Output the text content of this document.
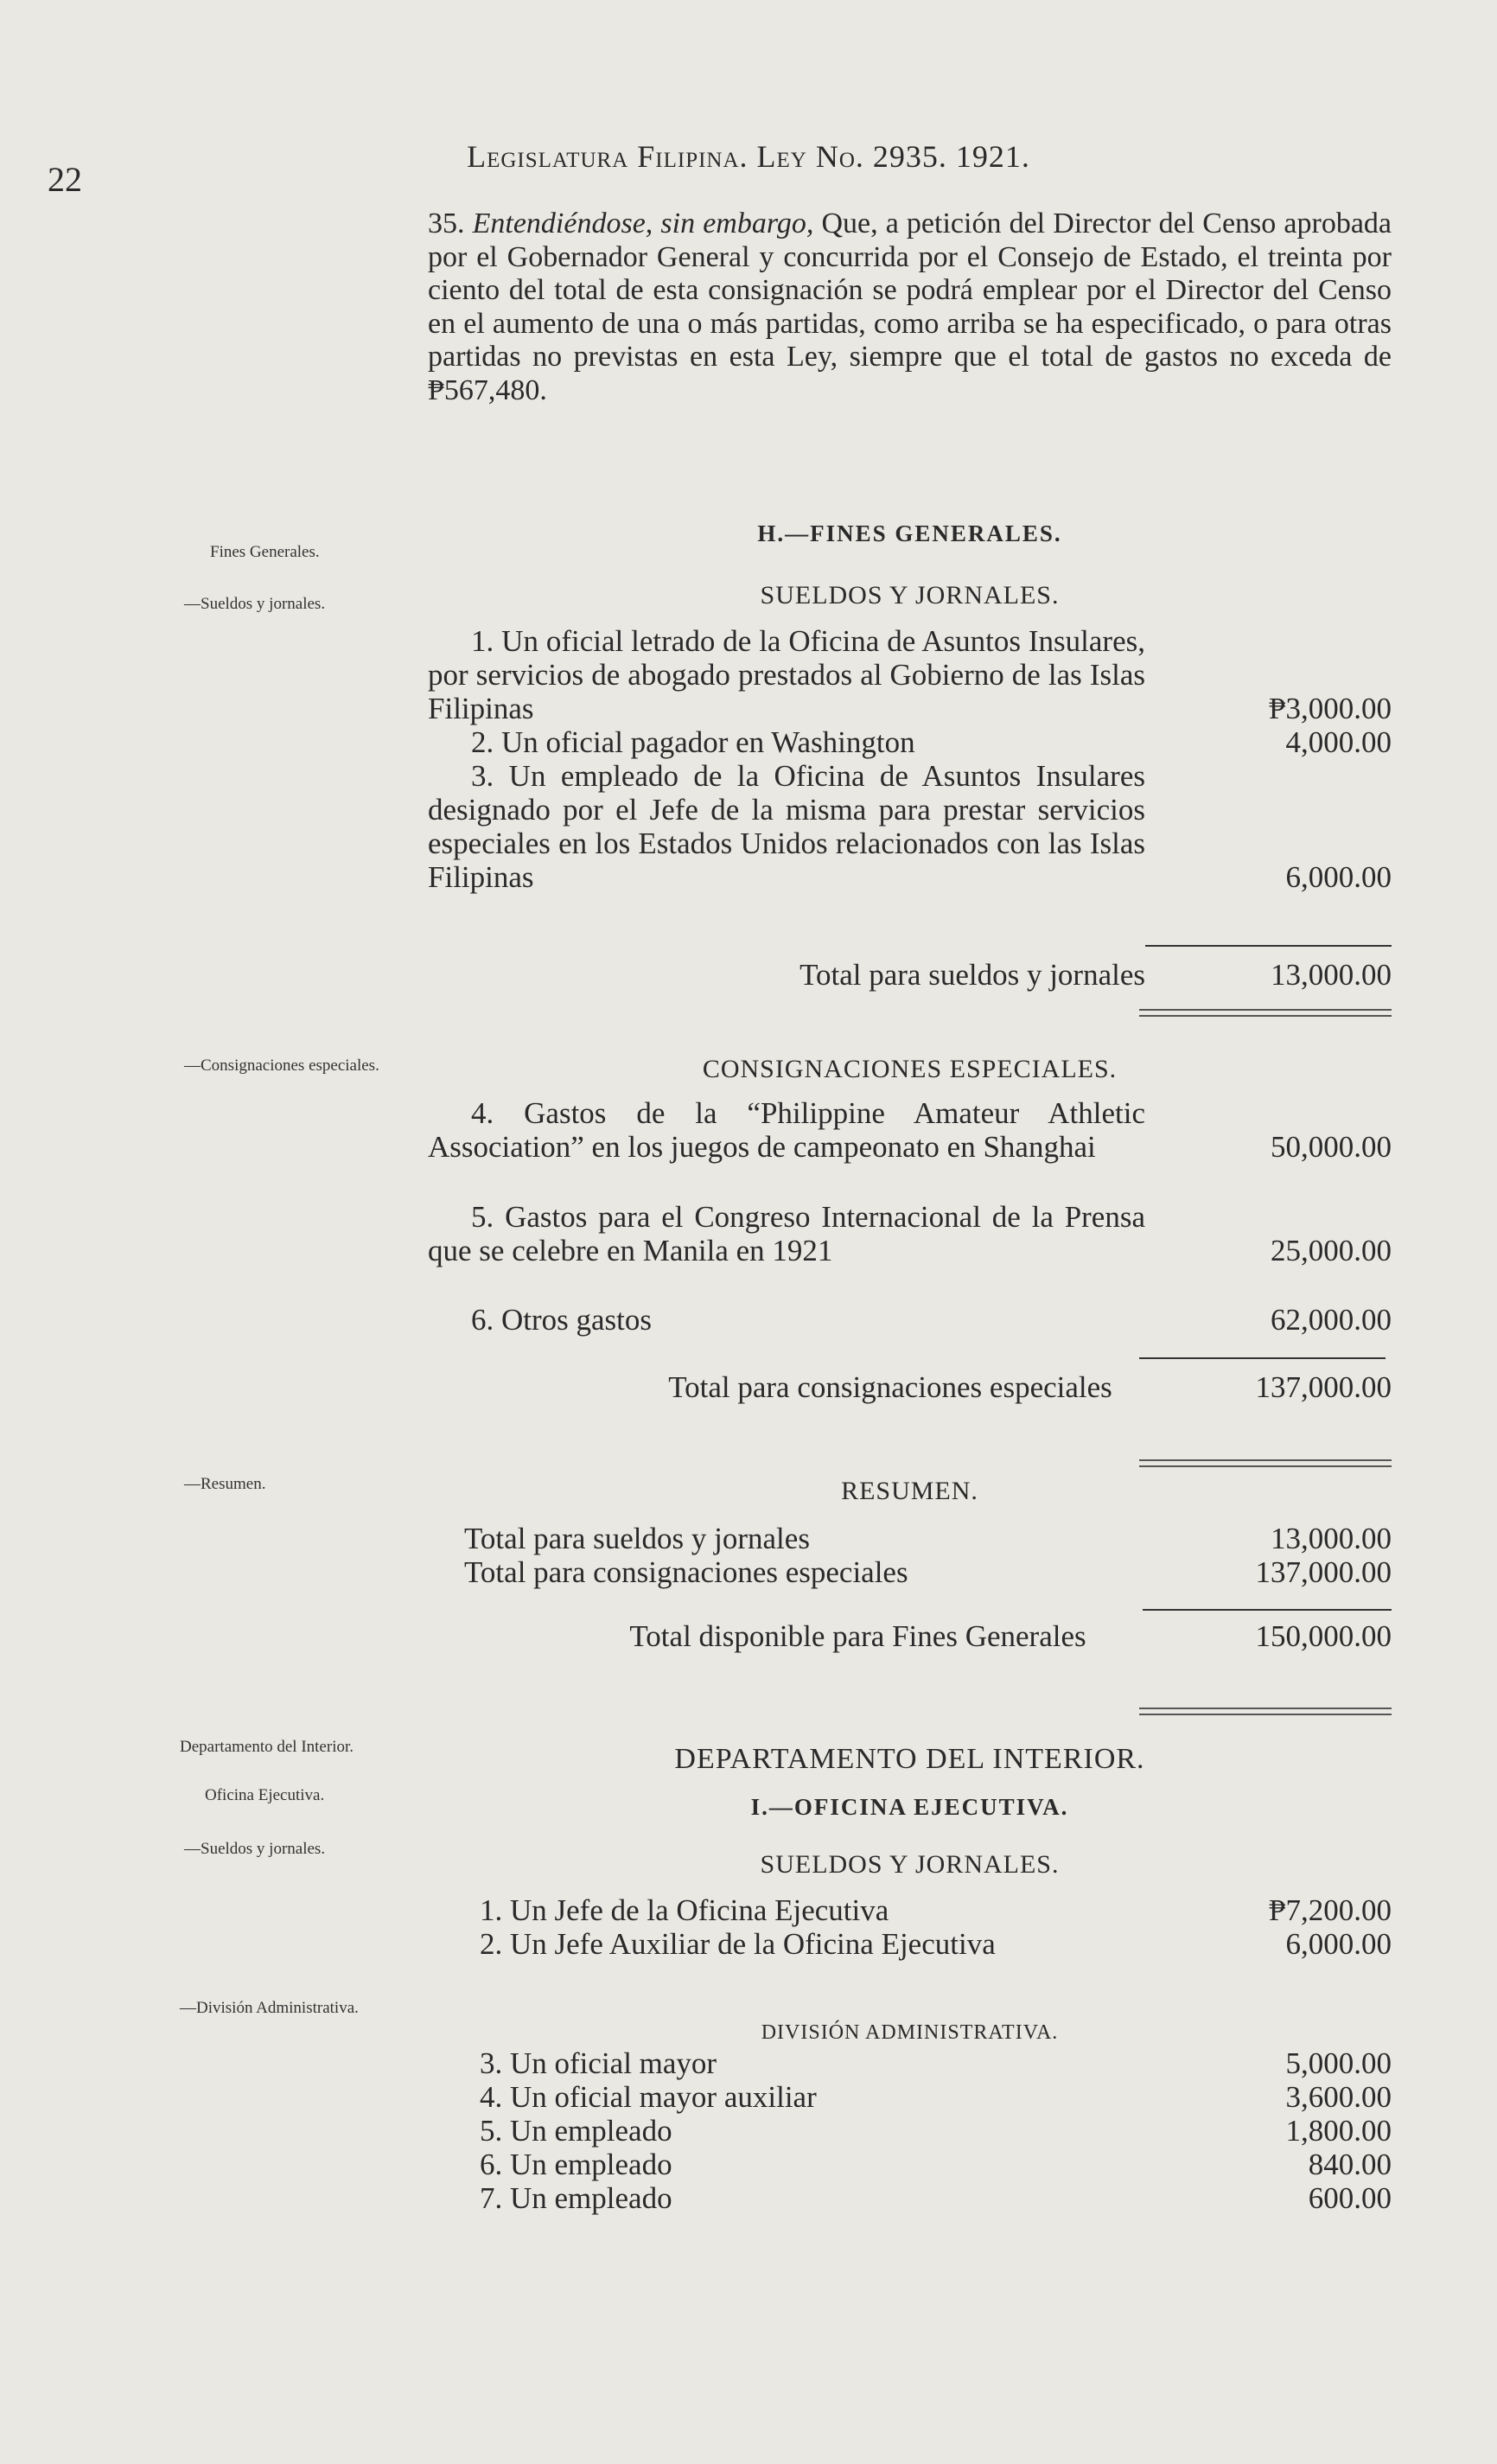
22
Legislatura Filipina. Ley No. 2935. 1921.
35. Entendiéndose, sin embargo, Que, a petición del Director del Censo aprobada por el Gobernador General y concurrida por el Consejo de Estado, el treinta por ciento del total de esta consignación se podrá emplear por el Director del Censo en el aumento de una o más partidas, como arriba se ha especificado, o para otras partidas no previstas en esta Ley, siempre que el total de gastos no exceda de ₱567,480.
Fines Generales.
—Sueldos y jornales.
—Consignaciones especiales.
—Resumen.
Departamento del Interior.
Oficina Ejecutiva.
—Sueldos y jornales.
—División Administrativa.
H.—FINES GENERALES.
SUELDOS Y JORNALES.
1. Un oficial letrado de la Oficina de Asuntos Insulares, por servicios de abogado prestados al Gobierno de las Islas Filipinas	₱3,000.00
2. Un oficial pagador en Washington	4,000.00
3. Un empleado de la Oficina de Asuntos Insulares designado por el Jefe de la misma para prestar servicios especiales en los Estados Unidos relacionados con las Islas Filipinas	6,000.00
Total para sueldos y jornales	13,000.00
CONSIGNACIONES ESPECIALES.
4. Gastos de la “Philippine Amateur Athletic Association” en los juegos de campeonato en Shanghai	50,000.00
5. Gastos para el Congreso Internacional de la Prensa que se celebre en Manila en 1921	25,000.00
6. Otros gastos	62,000.00
Total para consignaciones especiales	137,000.00
RESUMEN.
Total para sueldos y jornales	13,000.00
Total para consignaciones especiales	137,000.00
Total disponible para Fines Generales	150,000.00
DEPARTAMENTO DEL INTERIOR.
I.—OFICINA EJECUTIVA.
SUELDOS Y JORNALES.
1. Un Jefe de la Oficina Ejecutiva	₱7,200.00
2. Un Jefe Auxiliar de la Oficina Ejecutiva	6,000.00
DIVISIÓN ADMINISTRATIVA.
3. Un oficial mayor	5,000.00
4. Un oficial mayor auxiliar	3,600.00
5. Un empleado	1,800.00
6. Un empleado	840.00
7. Un empleado	600.00
